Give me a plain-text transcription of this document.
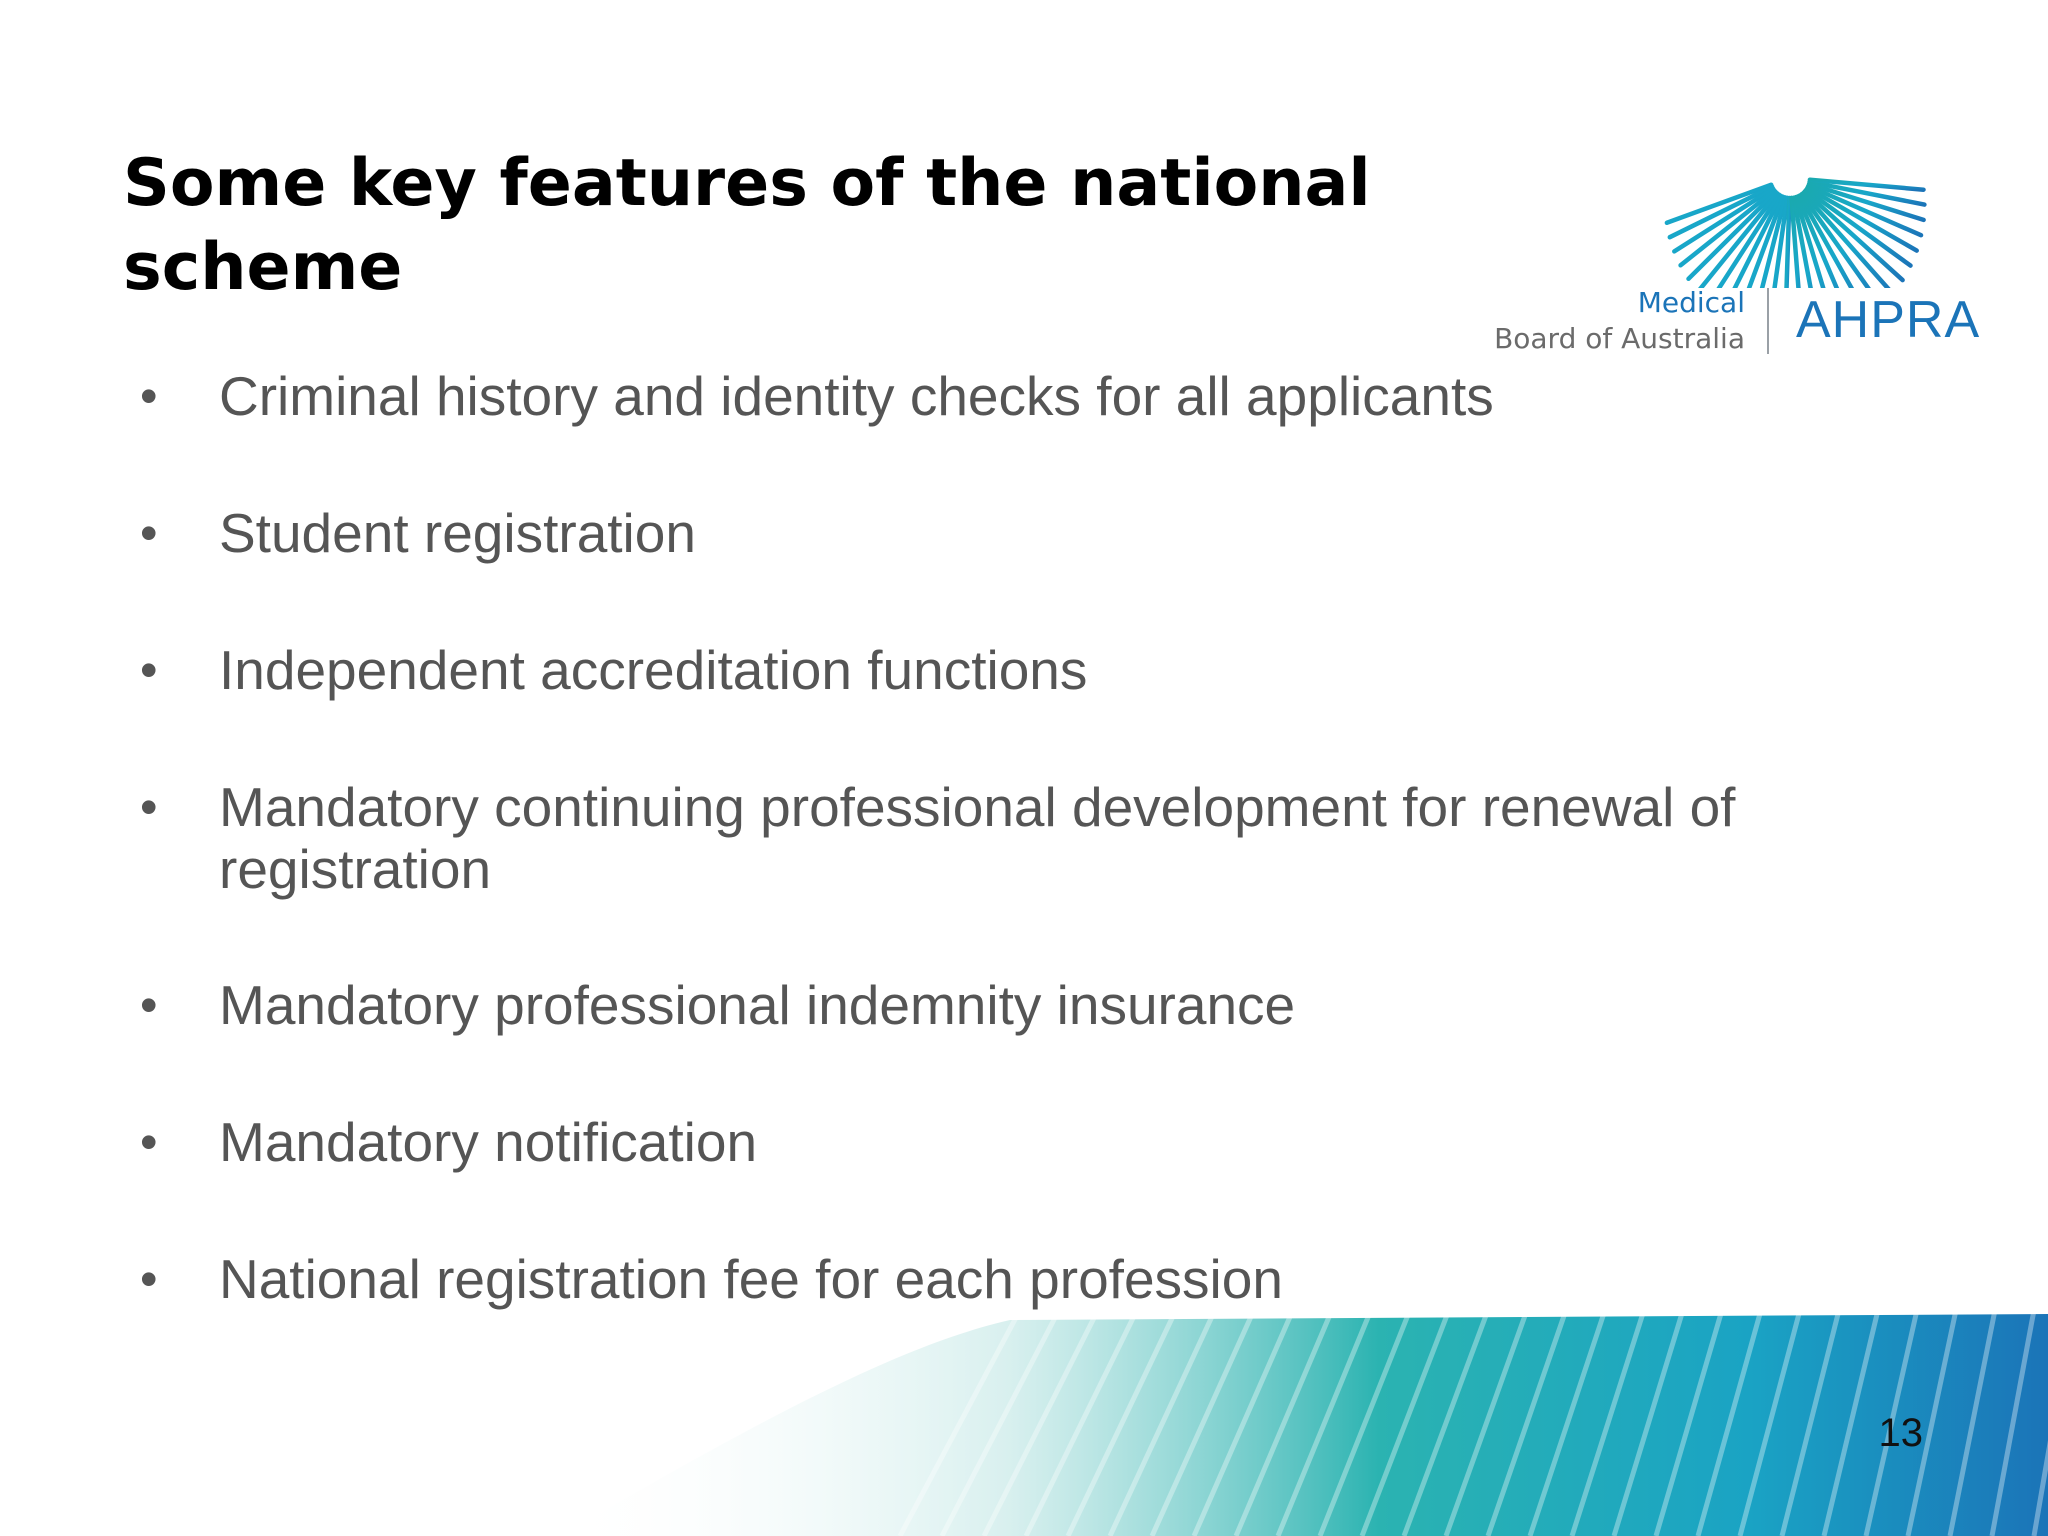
Some key features of the national scheme	Medical
Board of Australia AHPRA
•	Criminal history and identity checks for all applicants
•	Student registration
•	Independent accreditation functions
•	Mandatory continuing professional development for renewal of registration
•	Mandatory professional indemnity insurance
•	Mandatory notification
•	National registration fee for each profession
13
